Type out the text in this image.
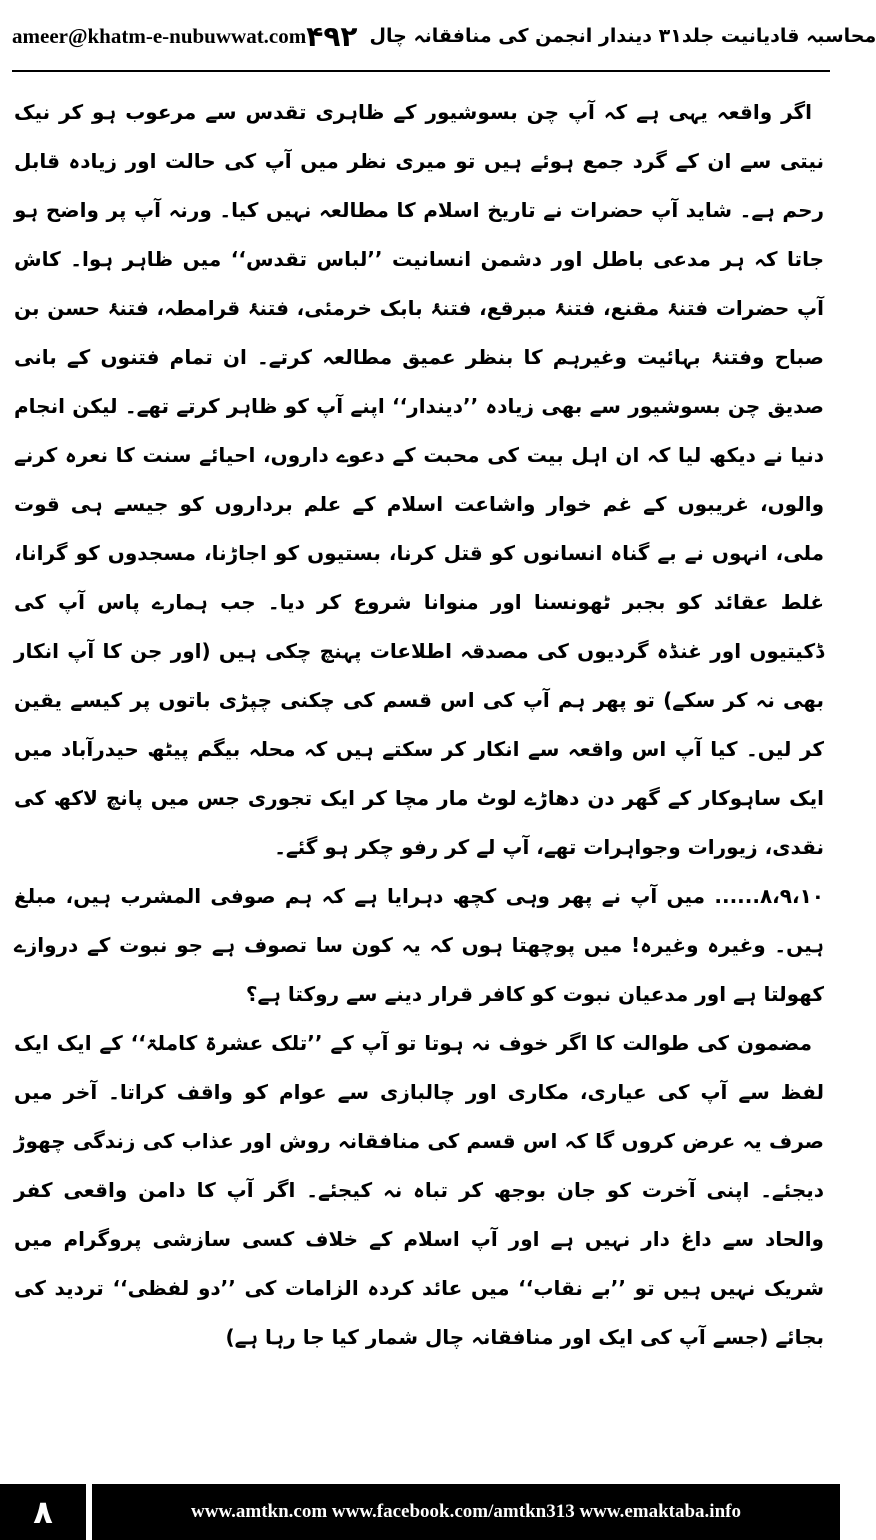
ameer@khatm-e-nubuwwat.com	محاسبہ قادیانیت جلد۳۱ دیندار انجمن کی منافقانہ چال
۴۹۲

اگر واقعہ یہی ہے کہ آپ چن بسوشیور کے ظاہری تقدس سے مرعوب ہو کر نیک نیتی سے ان کے گرد جمع ہوئے ہیں تو میری نظر میں آپ کی حالت اور زیادہ قابل رحم ہے۔ شاید آپ حضرات نے تاریخ اسلام کا مطالعہ نہیں کیا۔ ورنہ آپ پر واضح ہو جاتا کہ ہر مدعی باطل اور دشمن انسانیت ’’لباس تقدس‘‘ میں ظاہر ہوا۔ کاش آپ حضرات فتنۂ مقنع، فتنۂ مبرقع، فتنۂ بابک خرمئی، فتنۂ قرامطہ، فتنۂ حسن بن صباح وفتنۂ بہائیت وغیرہم کا بنظر عمیق مطالعہ کرتے۔ ان تمام فتنوں کے بانی صدیق چن بسوشیور سے بھی زیادہ ’’دیندار‘‘ اپنے آپ کو ظاہر کرتے تھے۔ لیکن انجام دنیا نے دیکھ لیا کہ ان اہل بیت کی محبت کے دعوے داروں، احیائے سنت کا نعرہ کرنے والوں، غریبوں کے غم خوار واشاعت اسلام کے علم برداروں کو جیسے ہی قوت ملی، انہوں نے بے گناہ انسانوں کو قتل کرنا، بستیوں کو اجاڑنا، مسجدوں کو گرانا، غلط عقائد کو بجبر ٹھونسنا اور منوانا شروع کر دیا۔ جب ہمارے پاس آپ کی ڈکیتیوں اور غنڈہ گردیوں کی مصدقہ اطلاعات پہنچ چکی ہیں (اور جن کا آپ انکار بھی نہ کر سکے) تو پھر ہم آپ کی اس قسم کی چکنی چپڑی باتوں پر کیسے یقین کر لیں۔ کیا آپ اس واقعہ سے انکار کر سکتے ہیں کہ محلہ بیگم پیٹھ حیدرآباد میں ایک ساہوکار کے گھر دن دھاڑے لوٹ مار مچا کر ایک تجوری جس میں پانچ لاکھ کی نقدی، زیورات وجواہرات تھے، آپ لے کر رفو چکر ہو گئے۔

۸،۹،۱۰...... میں آپ نے پھر وہی کچھ دہرایا ہے کہ ہم صوفی المشرب ہیں، مبلغ ہیں۔ وغیرہ وغیرہ! میں پوچھتا ہوں کہ یہ کون سا تصوف ہے جو نبوت کے دروازے کھولتا ہے اور مدعیان نبوت کو کافر قرار دینے سے روکتا ہے؟

مضمون کی طوالت کا اگر خوف نہ ہوتا تو آپ کے ’’تلک عشرۃ کاملۃ‘‘ کے ایک ایک لفظ سے آپ کی عیاری، مکاری اور چالبازی سے عوام کو واقف کراتا۔ آخر میں صرف یہ عرض کروں گا کہ اس قسم کی منافقانہ روش اور عذاب کی زندگی چھوڑ دیجئے۔ اپنی آخرت کو جان بوجھ کر تباہ نہ کیجئے۔ اگر آپ کا دامن واقعی کفر والحاد سے داغ دار نہیں ہے اور آپ اسلام کے خلاف کسی سازشی پروگرام میں شریک نہیں ہیں تو ’’بے نقاب‘‘ میں عائد کردہ الزامات کی ’’دو لفظی‘‘ تردید کی بجائے (جسے آپ کی ایک اور منافقانہ چال شمار کیا جا رہا ہے)

۸	www.amtkn.com www.facebook.com/amtkn313 www.emaktaba.info
